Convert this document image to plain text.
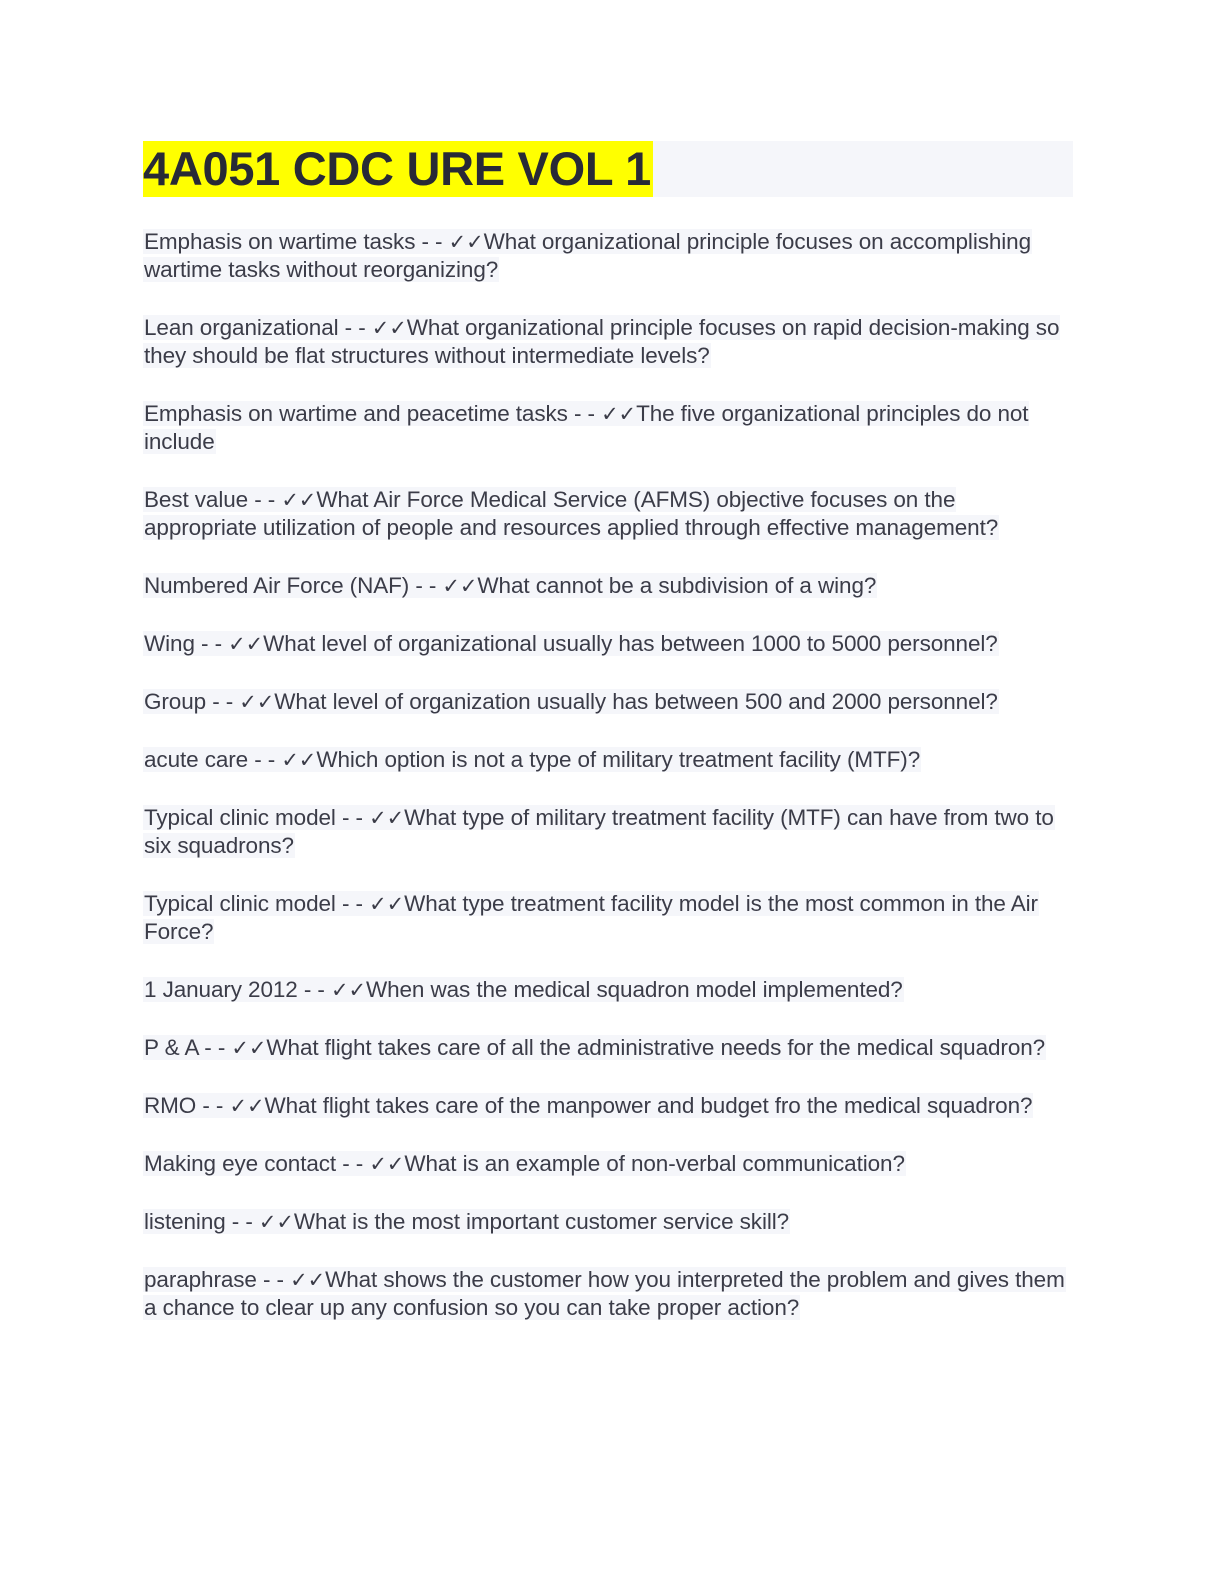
4A051 CDC URE VOL 1
Emphasis on wartime tasks - - ✓✓What organizational principle focuses on accomplishing wartime tasks without reorganizing?
Lean organizational - - ✓✓What organizational principle focuses on rapid decision-making so they should be flat structures without intermediate levels?
Emphasis on wartime and peacetime tasks - - ✓✓The five organizational principles do not include
Best value - - ✓✓What Air Force Medical Service (AFMS) objective focuses on the appropriate utilization of people and resources applied through effective management?
Numbered Air Force (NAF) - - ✓✓What cannot be a subdivision of a wing?
Wing - - ✓✓What level of organizational usually has between 1000 to 5000 personnel?
Group - - ✓✓What level of organization usually has between 500 and 2000 personnel?
acute care - - ✓✓Which option is not a type of military treatment facility (MTF)?
Typical clinic model - - ✓✓What type of military treatment facility (MTF) can have from two to six squadrons?
Typical clinic model - - ✓✓What type treatment facility model is the most common in the Air Force?
1 January 2012 - - ✓✓When was the medical squadron model implemented?
P & A - - ✓✓What flight takes care of all the administrative needs for the medical squadron?
RMO - - ✓✓What flight takes care of the manpower and budget fro the medical squadron?
Making eye contact - - ✓✓What is an example of non-verbal communication?
listening - - ✓✓What is the most important customer service skill?
paraphrase - - ✓✓What shows the customer how you interpreted the problem and gives them a chance to clear up any confusion so you can take proper action?
